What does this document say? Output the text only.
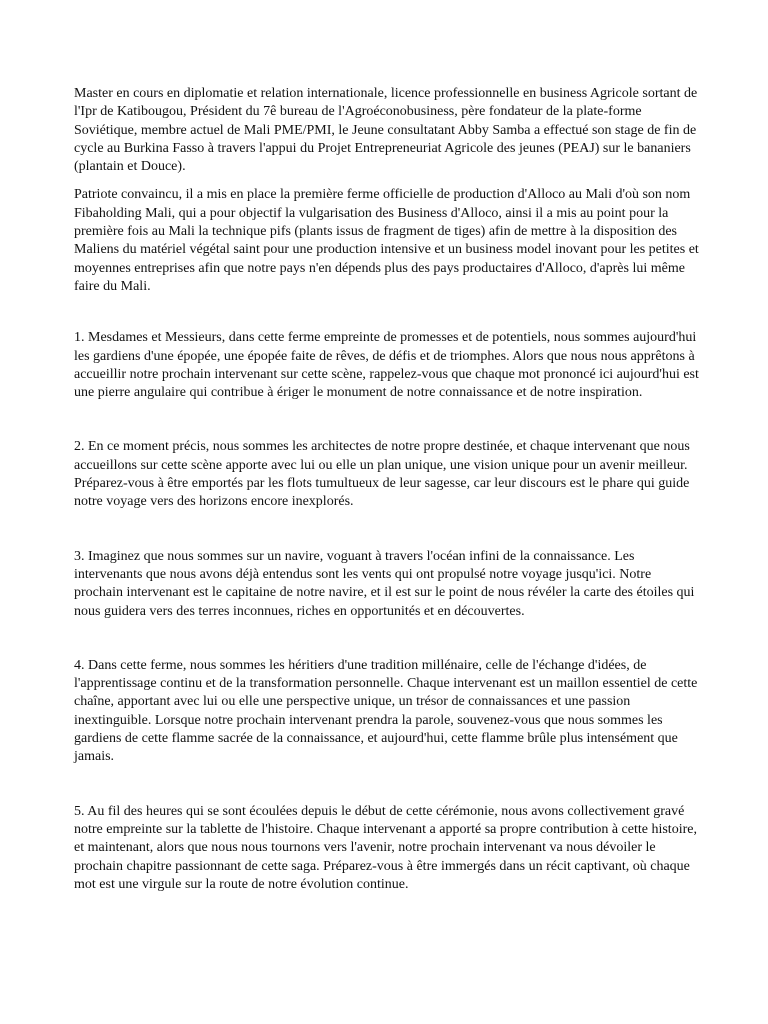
Master en cours en diplomatie et relation internationale, licence professionnelle en business Agricole sortant de l'Ipr de Katibougou, Président du 7ê bureau de l'Agroéconobusiness, père fondateur de la plate-forme Soviétique, membre actuel de Mali PME/PMI, le Jeune consultatant Abby Samba a effectué son stage de fin de cycle au Burkina Fasso à travers l'appui du Projet Entrepreneuriat Agricole des jeunes (PEAJ) sur le bananiers (plantain et Douce).

Patriote convaincu, il a mis en place la première ferme officielle de production d'Alloco au Mali d'où son nom Fibaholding Mali, qui a pour objectif la vulgarisation des Business d'Alloco, ainsi il a mis au point pour la première fois au Mali la technique pifs (plants issus de fragment de tiges) afin de mettre à la disposition des Maliens du matériel végétal saint pour une production intensive et un business model inovant pour les petites et moyennes entreprises afin que notre pays n'en dépends plus des pays productaires d'Alloco, d'après lui même faire du Mali.

1. Mesdames et Messieurs, dans cette ferme empreinte de promesses et de potentiels, nous sommes aujourd'hui les gardiens d'une épopée, une épopée faite de rêves, de défis et de triomphes. Alors que nous nous apprêtons à accueillir notre prochain intervenant sur cette scène, rappelez-vous que chaque mot prononcé ici aujourd'hui est une pierre angulaire qui contribue à ériger le monument de notre connaissance et de notre inspiration.

2. En ce moment précis, nous sommes les architectes de notre propre destinée, et chaque intervenant que nous accueillons sur cette scène apporte avec lui ou elle un plan unique, une vision unique pour un avenir meilleur. Préparez-vous à être emportés par les flots tumultueux de leur sagesse, car leur discours est le phare qui guide notre voyage vers des horizons encore inexplorés.

3. Imaginez que nous sommes sur un navire, voguant à travers l'océan infini de la connaissance. Les intervenants que nous avons déjà entendus sont les vents qui ont propulsé notre voyage jusqu'ici. Notre prochain intervenant est le capitaine de notre navire, et il est sur le point de nous révéler la carte des étoiles qui nous guidera vers des terres inconnues, riches en opportunités et en découvertes.

4. Dans cette ferme, nous sommes les héritiers d'une tradition millénaire, celle de l'échange d'idées, de l'apprentissage continu et de la transformation personnelle. Chaque intervenant est un maillon essentiel de cette chaîne, apportant avec lui ou elle une perspective unique, un trésor de connaissances et une passion inextinguible. Lorsque notre prochain intervenant prendra la parole, souvenez-vous que nous sommes les gardiens de cette flamme sacrée de la connaissance, et aujourd'hui, cette flamme brûle plus intensément que jamais.

5. Au fil des heures qui se sont écoulées depuis le début de cette cérémonie, nous avons collectivement gravé notre empreinte sur la tablette de l'histoire. Chaque intervenant a apporté sa propre contribution à cette histoire, et maintenant, alors que nous nous tournons vers l'avenir, notre prochain intervenant va nous dévoiler le prochain chapitre passionnant de cette saga. Préparez-vous à être immergés dans un récit captivant, où chaque mot est une virgule sur la route de notre évolution continue.
